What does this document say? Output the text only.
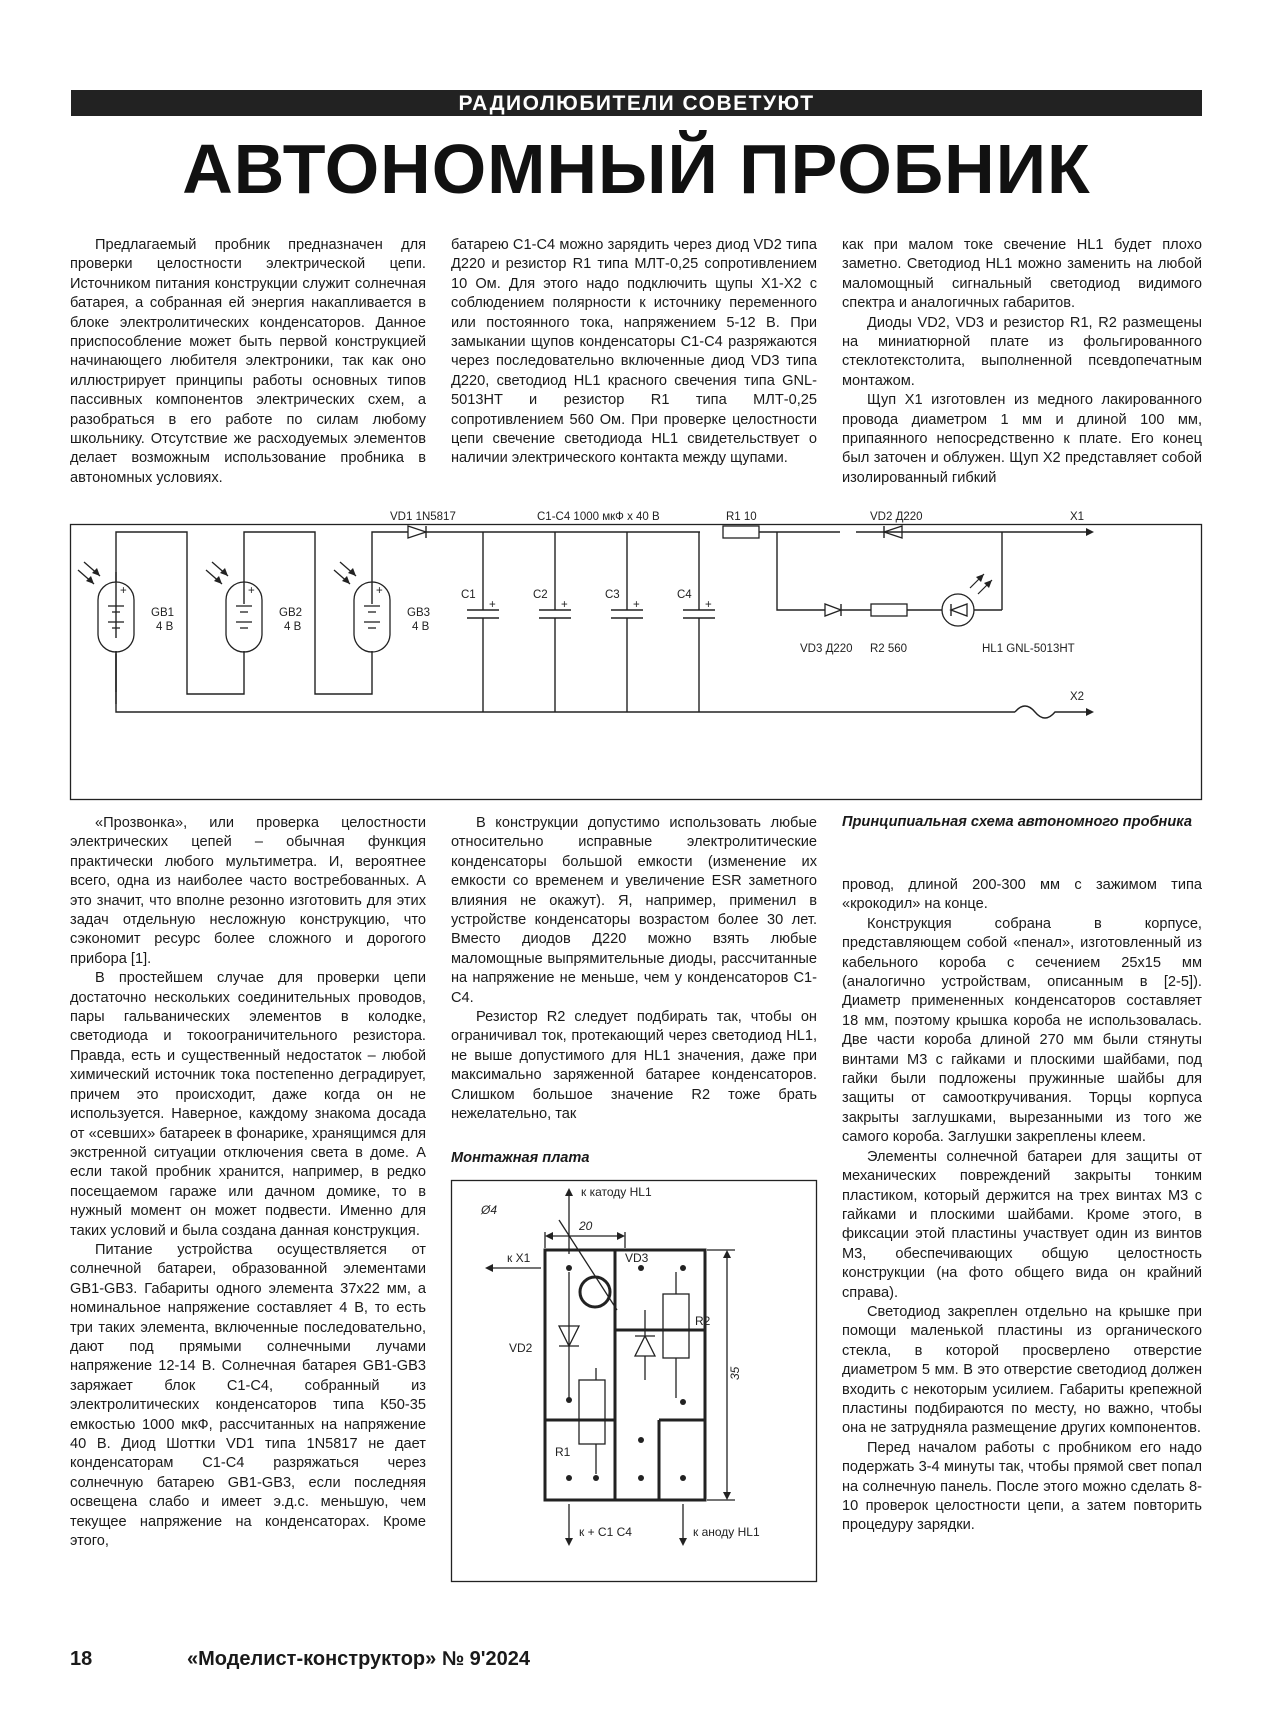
РАДИОЛЮБИТЕЛИ СОВЕТУЮТ
АВТОНОМНЫЙ ПРОБНИК

Предлагаемый пробник предназначен для проверки целостности электрической цепи. Источником питания конструкции служит солнечная батарея, а собранная ей энергия накапливается в блоке электролитических конденсаторов. Данное приспособление может быть первой конструкцией начинающего любителя электроники, так как оно иллюстрирует принципы работы основных типов пассивных компонентов электрических схем, а разобраться в его работе по силам любому школьнику. Отсутствие же расходуемых элементов делает возможным использование пробника в автономных условиях.

батарею С1-С4 можно зарядить через диод VD2 типа Д220 и резистор R1 типа МЛТ-0,25 сопротивлением 10 Ом. Для этого надо подключить щупы Х1-Х2 с соблюдением полярности к источнику переменного или постоянного тока, напряжением 5-12 В. При замыкании щупов конденсаторы С1-С4 разряжаются через последовательно включенные диод VD3 типа Д220, светодиод HL1 красного свечения типа GNL-5013HT и резистор R1 типа МЛТ-0,25 сопротивлением 560 Ом. При проверке целостности цепи свечение светодиода HL1 свидетельствует о наличии электрического контакта между щупами.

как при малом токе свечение HL1 будет плохо заметно. Светодиод HL1 можно заменить на любой маломощный сигнальный светодиод видимого спектра и аналогичных габаритов.

Диоды VD2, VD3 и резистор R1, R2 размещены на миниатюрной плате из фольгированного стеклотекстолита, выполненной псевдопечатным монтажом.

Щуп Х1 изготовлен из медного лакированного провода диаметром 1 мм и длиной 100 мм, припаянного непосредственно к плате. Его конец был заточен и облужен. Щуп Х2 представляет собой изолированный гибкий

VD1 1N5817	С1-С4 1000 мкФ х 40 В	R1 10	VD2 Д220	X1
X2
VD3 Д220 R2 560	HL1 GNL-5013HT
GB1
4 В
GB2
4 В
GB3
4 В
C1	C2	C3	C4
+	+	+	+
+	+	+

«Прозвонка», или проверка целостности электрических цепей – обычная функция практически любого мультиметра. И, вероятнее всего, одна из наиболее часто востребованных. А это значит, что вполне резонно изготовить для этих задач отдельную несложную конструкцию, что сэкономит ресурс более сложного и дорогого прибора [1].

В простейшем случае для проверки цепи достаточно нескольких соединительных проводов, пары гальванических элементов в колодке, светодиода и токоограничительного резистора. Правда, есть и существенный недостаток – любой химический источник тока постепенно деградирует, причем это происходит, даже когда он не используется. Наверное, каждому знакома досада от «севших» батареек в фонарике, хранящимся для экстренной ситуации отключения света в доме. А если такой пробник хранится, например, в редко посещаемом гараже или дачном домике, то в нужный момент он может подвести. Именно для таких условий и была создана данная конструкция.

Питание устройства осуществляется от солнечной батареи, образованной элементами GB1-GB3. Габариты одного элемента 37x22 мм, а номинальное напряжение составляет 4 В, то есть три таких элемента, включенные последовательно, дают под прямыми солнечными лучами напряжение 12-14 В. Солнечная батарея GB1-GB3 заряжает блок С1-С4, собранный из электролитических конденсаторов типа К50-35 емкостью 1000 мкФ, рассчитанных на напряжение 40 В. Диод Шоттки VD1 типа 1N5817 не дает конденсаторам С1-С4 разряжаться через солнечную батарею GB1-GB3, если последняя освещена слабо и имеет э.д.с. меньшую, чем текущее напряжение на конденсаторах. Кроме этого,

В конструкции допустимо использовать любые относительно исправные электролитические конденсаторы большой емкости (изменение их емкости со временем и увеличение ESR заметного влияния не окажут). Я, например, применил в устройстве конденсаторы возрастом более 30 лет. Вместо диодов Д220 можно взять любые маломощные выпрямительные диоды, рассчитанные на напряжение не меньше, чем у конденсаторов С1-С4.

Резистор R2 следует подбирать так, чтобы он ограничивал ток, протекающий через светодиод HL1, не выше допустимого для HL1 значения, даже при максимально заряженной батарее конденсаторов. Слишком большое значение R2 тоже брать нежелательно, так

Принципиальная схема автономного пробника

провод, длиной 200-300 мм с зажимом типа «крокодил» на конце.

Конструкция собрана в корпусе, представляющем собой «пенал», изготовленный из кабельного короба с сечением 25x15 мм (аналогично устройствам, описанным в [2-5]). Диаметр примененных конденсаторов составляет 18 мм, поэтому крышка короба не использовалась. Две части короба длиной 270 мм были стянуты винтами М3 с гайками и плоскими шайбами, под гайки были подложены пружинные шайбы для защиты от самооткручивания. Торцы корпуса закрыты заглушками, вырезанными из того же самого короба. Заглушки закреплены клеем.

Элементы солнечной батареи для защиты от механических повреждений закрыты тонким пластиком, который держится на трех винтах М3 с гайками и плоскими шайбами. Кроме этого, в фиксации этой пластины участвует один из винтов М3, обеспечивающих общую целостность конструкции (на фото общего вида он крайний справа).

Светодиод закреплен отдельно на крышке при помощи маленькой пластины из органического стекла, в которой просверлено отверстие диаметром 5 мм. В это отверстие светодиод должен входить с некоторым усилием. Габариты крепежной пластины подбираются по месту, но важно, чтобы она не затрудняла размещение других компонентов.

Перед началом работы с пробником его надо подержать 3-4 минуты так, чтобы прямой свет попал на солнечную панель. После этого можно сделать 8-10 проверок целостности цепи, а затем повторить процедуру зарядки.

Монтажная плата
Ø4
к катоду HL1
20
VD3
к Х1
R2
VD2
35
R1
к + C1 C4	к аноду HL1
18	«Моделист-конструктор» № 9'2024
